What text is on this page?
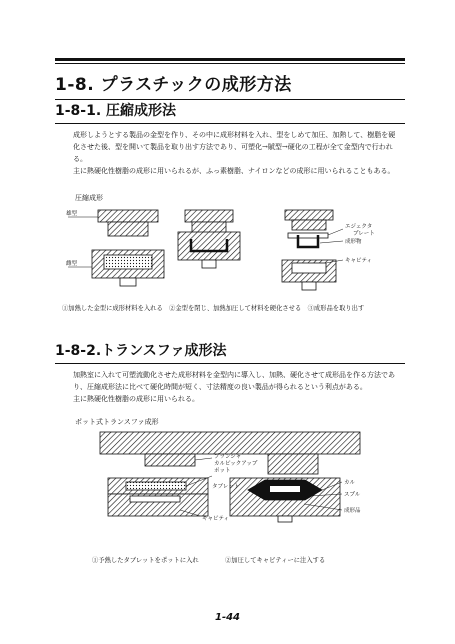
1-8. プラスチックの成形方法
1-8-1. 圧縮成形法
成形しようとする製品の金型を作り、その中に成形材料を入れ、型をしめて加圧、加熱して、樹脂を硬
化させた後、型を開いて製品を取り出す方法であり、可塑化→賦型→硬化の工程が全て金型内で行われ
る。
主に熱硬化性樹脂の成形に用いられるが、ふっ素樹脂、ナイロンなどの成形に用いられることもある。
圧縮成形
雄型
雌型
エジェクタ
プレート
成形物
キャビティ
①加熱した金型に成形材料を入れる　②金型を閉じ、加熱加圧して材料を硬化させる　③成形品を取り出す
1-8-2.トランスファ成形法
加熱室に入れて可塑流動化させた成形材料を金型内に導入し、加熱、硬化させて成形品を作る方法であ
り、圧縮成形法に比べて硬化時間が短く、寸法精度の良い製品が得られるという利点がある。
主に熱硬化性樹脂の成形に用いられる。
ポット式トランスファ成形
プランジャ
カルピックアップ
ポット
タブレット
キャビティ
カル
スプル
成形品
①予熱したタブレットをポットに入れ	②加圧してキャビティーに注入する
1-44
